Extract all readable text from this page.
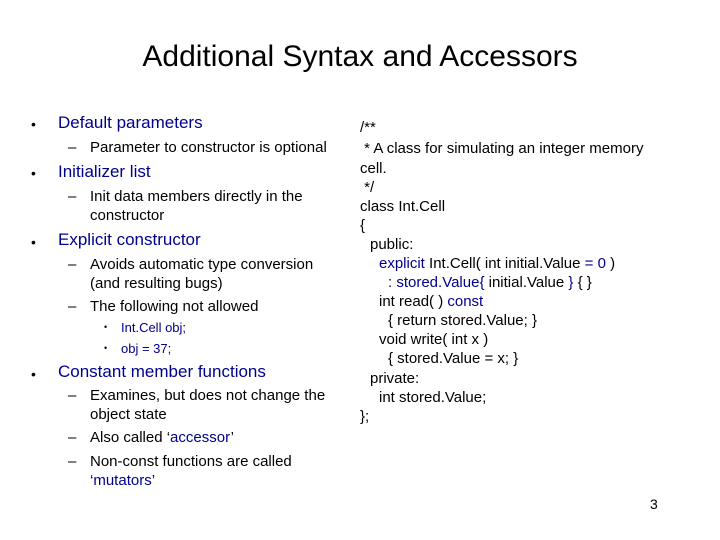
Additional Syntax and Accessors
• Default parameters
– Parameter to constructor is optional
• Initializer list
– Init data members directly in the
constructor
• Explicit constructor
– Avoids automatic type conversion
(and resulting bugs)
– The following not allowed
• Int.Cell obj;
• obj = 37;
• Constant member functions
– Examines, but does not change the
object state
– Also called ‘accessor’
– Non-const functions are called
‘mutators’
/**
* A class for simulating an integer memory
cell.
*/
class Int.Cell
{
public:
explicit Int.Cell( int initial.Value = 0 )
: stored.Value{ initial.Value } { }
int read( ) const
{ return stored.Value; }
void write( int x )
{ stored.Value = x; }
private:
int stored.Value;
};
3
